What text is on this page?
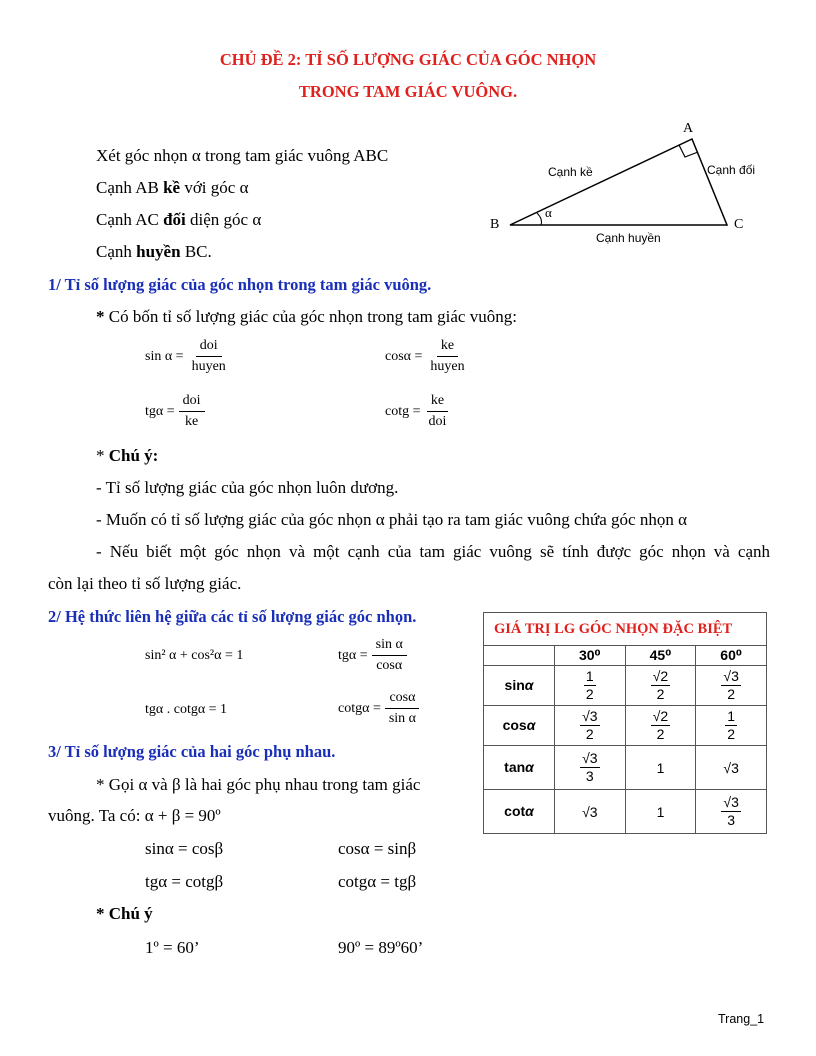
CHỦ ĐỀ 2: TỈ SỐ LƯỢNG GIÁC CỦA GÓC NHỌN
TRONG TAM GIÁC VUÔNG.
Xét góc nhọn α trong tam giác vuông ABC
Cạnh AB kề với góc α
Cạnh AC đối diện góc α
Cạnh huyền BC.
A
B	C
α
Cạnh kề	Cạnh đối
Cạnh huyền
1/ Tỉ số lượng giác của góc nhọn trong tam giác vuông.
* Có bốn tỉ số lượng giác của góc nhọn trong tam giác vuông:
$\sin \alpha = \frac{\text{doi}}{\text{huyen}}$	$\cos\alpha = \frac{ke}{\text{huyen}}$
$tg\alpha = \frac{\text{doi}}{ke}$	$\cot g = \frac{ke}{\text{doi}}$
* Chú ý:
- Tỉ số lượng giác của góc nhọn luôn dương.
- Muốn có tỉ số lượng giác của góc nhọn α phải tạo ra tam giác vuông chứa góc nhọn α
- Nếu biết một góc nhọn và một cạnh của tam giác vuông sẽ tính được góc nhọn và cạnh
còn lại theo tỉ số lượng giác.
2/ Hệ thức liên hệ giữa các tỉ số lượng giác góc nhọn.
sin² α + cos²α = 1	$tg\alpha = \frac{\text{sin α}}{\cos\alpha}$
tgα . cotgα = 1	$\cot g\alpha = \frac{\cos\alpha}{\text{sin α}}$
3/ Tỉ số lượng giác của hai góc phụ nhau.
* Gọi α và β là hai góc phụ nhau trong tam giác
vuông. Ta có: α + β = 90º
sinα = cosβ	cosα = sinβ
tgα = cotgβ	cotgα = tgβ
* Chú ý
1º = 60’	90º = 89º60’
GIÁ TRỊ LG GÓC NHỌN ĐẶC BIỆT			
	30⁰	45⁰	60⁰
sinα	$\frac{1}{2}$	$\frac{√2}{2}$	$\frac{√3}{2}$

cosα	$\frac{√3}{2}$	$\frac{√2}{2}$	$\frac{1}{2}$

tanα	$\frac{√3}{3}$	1	√3
cotα	√3	1	$\frac{√3}{3}$
Trang_1
